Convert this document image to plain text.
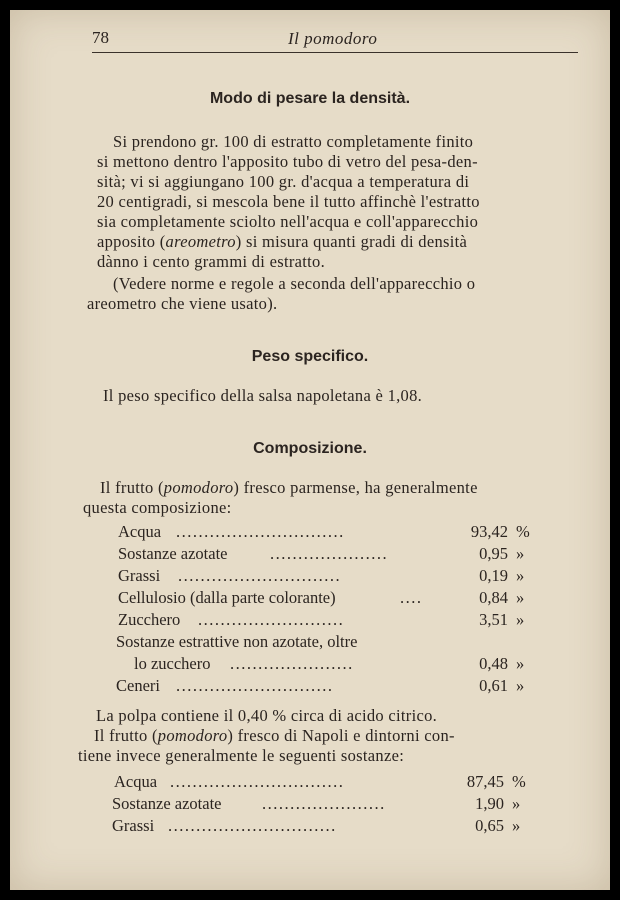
78	Il pomodoro
Modo di pesare la densità.
Si prendono gr. 100 di estratto completamente finito
si mettono dentro l'apposito tubo di vetro del pesa-den-
sità; vi si aggiungano 100 gr. d'acqua a temperatura di
20 centigradi, si mescola bene il tutto affinchè l'estratto
sia completamente sciolto nell'acqua e coll'apparecchio
apposito (areometro) si misura quanti gradi di densità
dànno i cento grammi di estratto.
(Vedere norme e regole a seconda dell'apparecchio o
areometro che viene usato).
Peso specifico.
Il peso specifico della salsa napoletana è 1,08.
Composizione.
Il frutto (pomodoro) fresco parmense, ha generalmente
questa composizione:
Acqua ..............................	93,42 %
Sostanze azotate	.....................	0,95 »
Grassi .............................	0,19 »
Cellulosio (dalla parte colorante)	....	0,84 »
Zucchero ..........................	3,51 »
Sostanze estrattive non azotate, oltre
lo zucchero ......................	0,48 »
Ceneri ............................	0,61 »
La polpa contiene il 0,40 % circa di acido citrico.
Il frutto (pomodoro) fresco di Napoli e dintorni con-
tiene invece generalmente le seguenti sostanze:
Acqua ...............................	87,45 %
Sostanze azotate ......................	1,90 »
Grassi ..............................	0,65 »
